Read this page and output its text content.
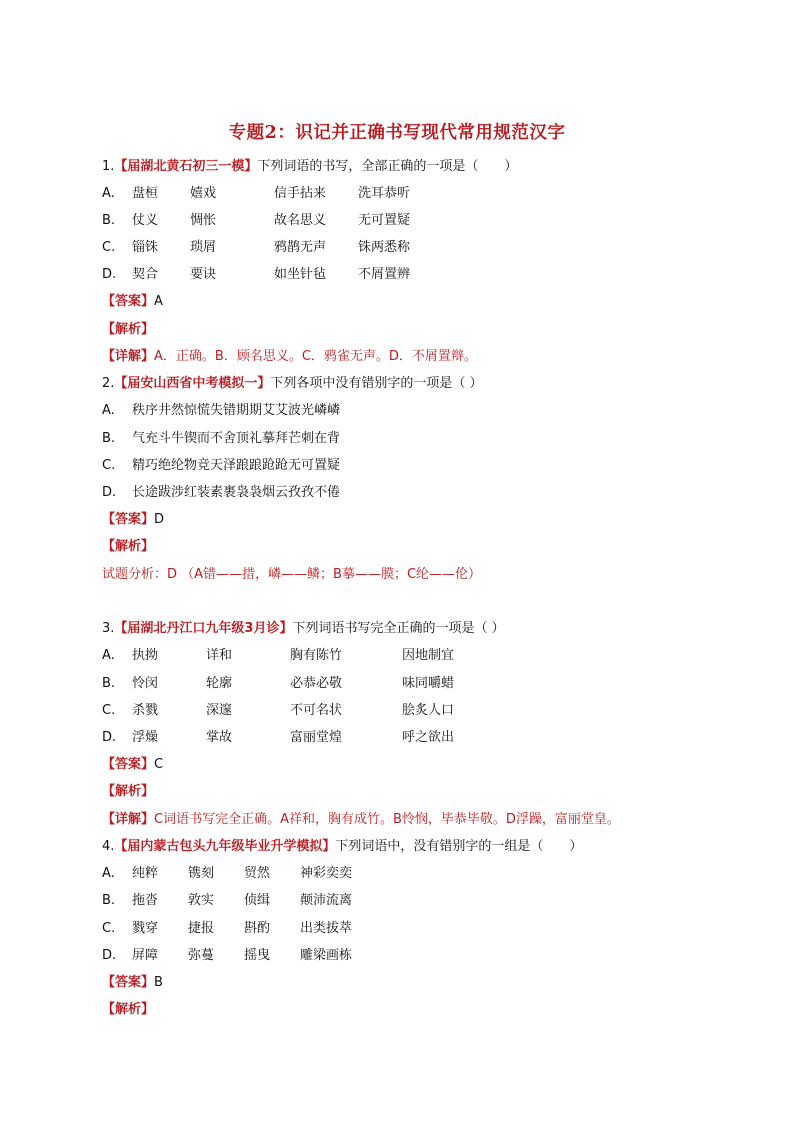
专题2：识记并正确书写现代常用规范汉字
1.【届湖北黄石初三一模】下列词语的书写，全部正确的一项是（　　）
A. 盘桓 嬉戏	信手拈来 洗耳恭听
B. 仗义 惆怅	故名思义 无可置疑
C. 锱铢 琐屑	鸦鹊无声 铢两悉称
D. 契合 要诀	如坐针毡 不屑置辨
【答案】A
【解析】
【详解】A．正确。B．顾名思义。C．鸦雀无声。D．不屑置辩。
2.【届安山西省中考模拟一】下列各项中没有错别字的一项是（ ）
A. 秩序井然惊慌失错期期艾艾波光嶙嶙
B. 气充斗牛锲而不舍顶礼摹拜芒刺在背
C. 精巧绝纶物竞天泽踉踉跄跄无可置疑
D. 长途跋涉红装素裹袅袅烟云孜孜不倦
【答案】D
【解析】
试题分析：D （A错——措，嶙——鳞；B摹——膜；C纶——伦）
3.【届湖北丹江口九年级3月诊】下列词语书写完全正确的一项是（ ）
A. 执拗	详和	胸有陈竹	因地制宜
B. 怜闵	轮廓	必恭必敬	味同嚼蜡
C. 杀戮	深邃	不可名状	脍炙人口
D. 浮燥	掌故	富丽堂煌	呼之欲出
【答案】C
【解析】
【详解】C词语书写完全正确。A祥和，胸有成竹。B怜悯，毕恭毕敬。D浮躁，富丽堂皇。
4.【届内蒙古包头九年级毕业升学模拟】下列词语中，没有错别字的一组是（　　）
A. 纯粹 镌刻 贸然 神彩奕奕
B. 拖沓 敦实 侦缉 颠沛流离
C. 戮穿 捷报 斟酌 出类拔萃
D. 屏障 弥蔓 摇曳 雕梁画栋
【答案】B
【解析】
